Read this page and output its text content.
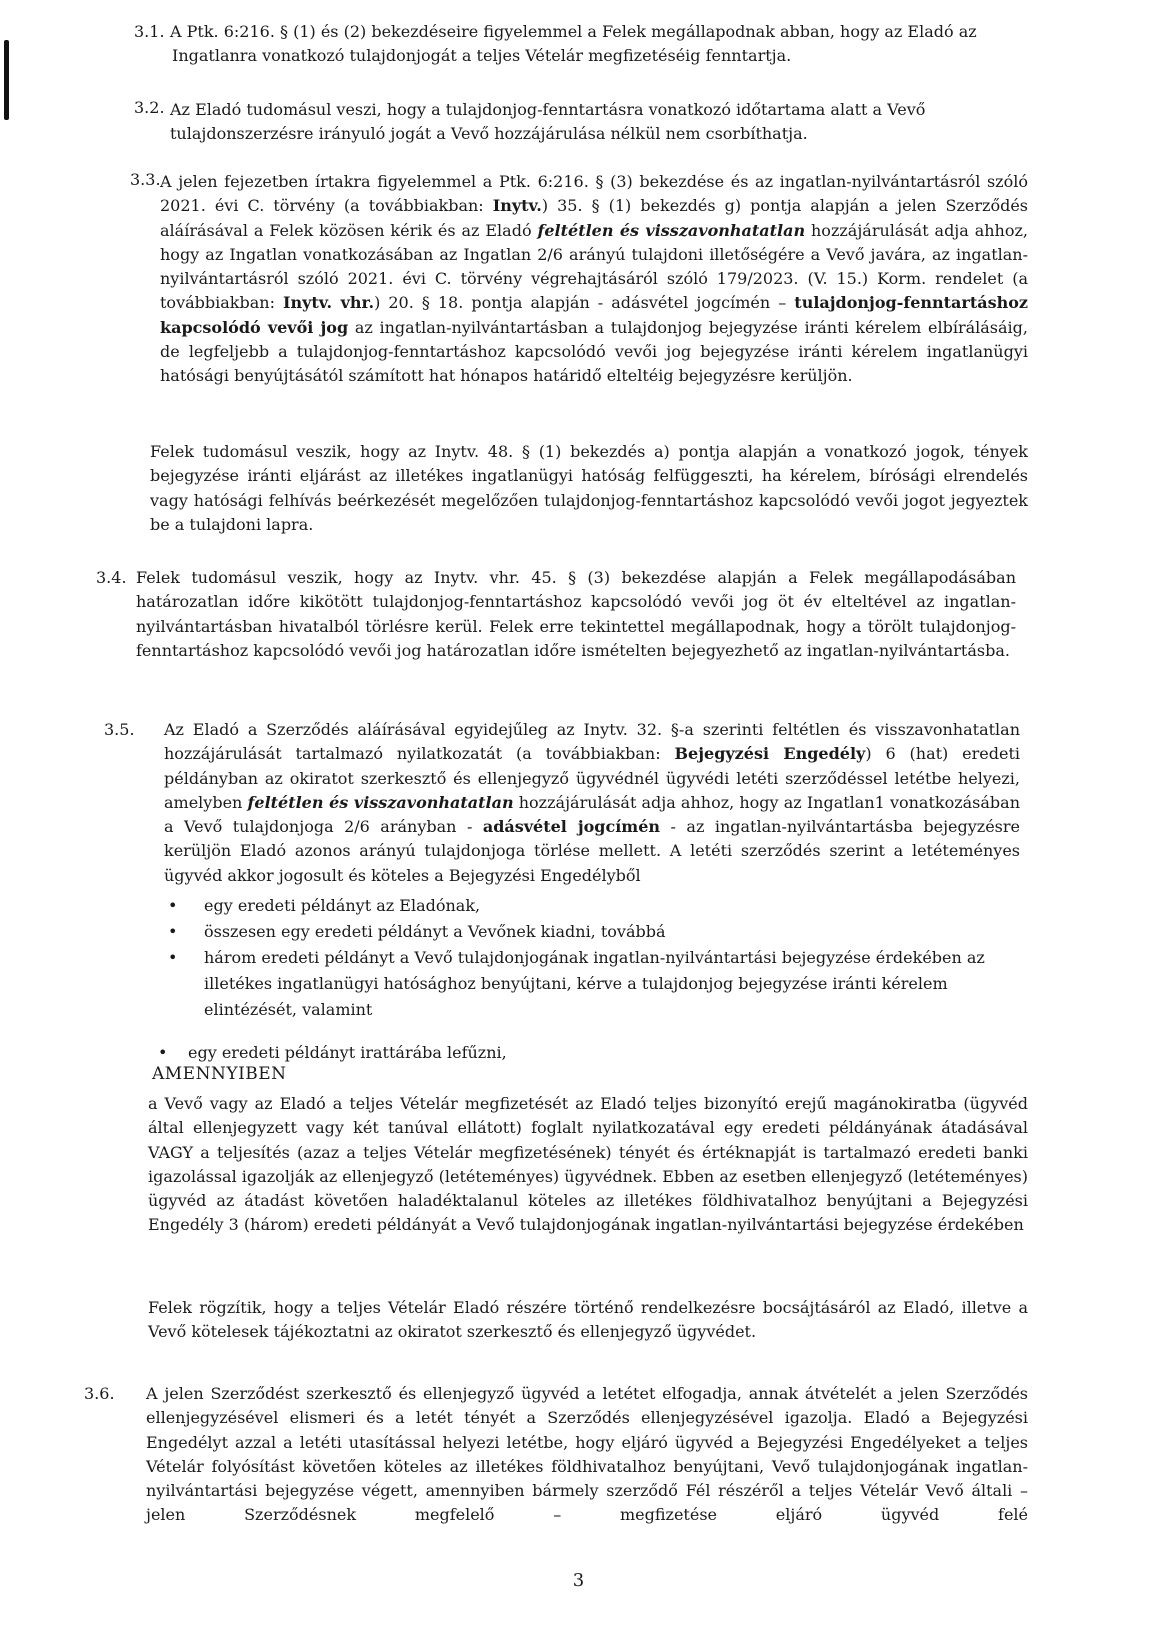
3.1. A Ptk. 6:216. § (1) és (2) bekezdéseire figyelemmel a Felek megállapodnak abban, hogy az Eladó az
Ingatlanra vonatkozó tulajdonjogát a teljes Vételár megfizetéséig fenntartja.
3.2. Az Eladó tudomásul veszi, hogy a tulajdonjog-fenntartásra vonatkozó időtartama alatt a Vevő
tulajdonszerzésre irányuló jogát a Vevő hozzájárulása nélkül nem csorbíthatja.
3.3. A jelen fejezetben írtakra figyelemmel a Ptk. 6:216. § (3) bekezdése és az ingatlan-nyilvántartásról szóló 2021. évi C. törvény (a továbbiakban: Inytv.) 35. § (1) bekezdés g) pontja alapján a jelen Szerződés aláírásával a Felek közösen kérik és az Eladó feltétlen és visszavonhatatlan hozzájárulását adja ahhoz, hogy az Ingatlan vonatkozásában az Ingatlan 2/6 arányú tulajdoni illetőségére a Vevő javára, az ingatlan-nyilvántartásról szóló 2021. évi C. törvény végrehajtásáról szóló 179/2023. (V. 15.) Korm. rendelet (a továbbiakban: Inytv. vhr.) 20. § 18. pontja alapján - adásvétel jogcímén – tulajdonjog-fenntartáshoz kapcsolódó vevői jog az ingatlan-nyilvántartásban a tulajdonjog bejegyzése iránti kérelem elbírálásáig, de legfeljebb a tulajdonjog-fenntartáshoz kapcsolódó vevői jog bejegyzése iránti kérelem ingatlanügyi hatósági benyújtásától számított hat hónapos határidő elteltéig bejegyzésre kerüljön.
Felek tudomásul veszik, hogy az Inytv. 48. § (1) bekezdés a) pontja alapján a vonatkozó jogok, tények bejegyzése iránti eljárást az illetékes ingatlanügyi hatóság felfüggeszti, ha kérelem, bírósági elrendelés vagy hatósági felhívás beérkezését megelőzően tulajdonjog-fenntartáshoz kapcsolódó vevői jogot jegyeztek be a tulajdoni lapra.
3.4. Felek tudomásul veszik, hogy az Inytv. vhr. 45. § (3) bekezdése alapján a Felek megállapodásában határozatlan időre kikötött tulajdonjog-fenntartáshoz kapcsolódó vevői jog öt év elteltével az ingatlan-nyilvántartásban hivatalból törlésre kerül. Felek erre tekintettel megállapodnak, hogy a törölt tulajdonjog-fenntartáshoz kapcsolódó vevői jog határozatlan időre ismételten bejegyezhető az ingatlan-nyilvántartásba.
3.5. Az Eladó a Szerződés aláírásával egyidejűleg az Inytv. 32. §-a szerinti feltétlen és visszavonhatatlan hozzájárulását tartalmazó nyilatkozatát (a továbbiakban: Bejegyzési Engedély) 6 (hat) eredeti példányban az okiratot szerkesztő és ellenjegyző ügyvédnél ügyvédi letéti szerződéssel letétbe helyezi, amelyben feltétlen és visszavonhatatlan hozzájárulását adja ahhoz, hogy az Ingatlan1 vonatkozásában a Vevő tulajdonjoga 2/6 arányban - adásvétel jogcímén - az ingatlan-nyilvántartásba bejegyzésre kerüljön Eladó azonos arányú tulajdonjoga törlése mellett. A letéti szerződés szerint a letéteményes ügyvéd akkor jogosult és köteles a Bejegyzési Engedélyből
• egy eredeti példányt az Eladónak,
• összesen egy eredeti példányt a Vevőnek kiadni, továbbá
• három eredeti példányt a Vevő tulajdonjogának ingatlan-nyilvántartási bejegyzése érdekében az illetékes ingatlanügyi hatósághoz benyújtani, kérve a tulajdonjog bejegyzése iránti kérelem elintézését, valamint
• egy eredeti példányt irattárába lefűzni,
AMENNYIBEN
a Vevő vagy az Eladó a teljes Vételár megfizetését az Eladó teljes bizonyító erejű magánokiratba (ügyvéd által ellenjegyzett vagy két tanúval ellátott) foglalt nyilatkozatával egy eredeti példányának átadásával VAGY a teljesítés (azaz a teljes Vételár megfizetésének) tényét és értéknapját is tartalmazó eredeti banki igazolással igazolják az ellenjegyző (letéteményes) ügyvédnek. Ebben az esetben ellenjegyző (letéteményes) ügyvéd az átadást követően haladéktalanul köteles az illetékes földhivatalhoz benyújtani a Bejegyzési Engedély 3 (három) eredeti példányát a Vevő tulajdonjogának ingatlan-nyilvántartási bejegyzése érdekében
Felek rögzítik, hogy a teljes Vételár Eladó részére történő rendelkezésre bocsájtásáról az Eladó, illetve a Vevő kötelesek tájékoztatni az okiratot szerkesztő és ellenjegyző ügyvédet.
3.6. A jelen Szerződést szerkesztő és ellenjegyző ügyvéd a letétet elfogadja, annak átvételét a jelen Szerződés ellenjegyzésével elismeri és a letét tényét a Szerződés ellenjegyzésével igazolja. Eladó a Bejegyzési Engedélyt azzal a letéti utasítással helyezi letétbe, hogy eljáró ügyvéd a Bejegyzési Engedélyeket a teljes Vételár folyósítást követően köteles az illetékes földhivatalhoz benyújtani, Vevő tulajdonjogának ingatlan-nyilvántartási bejegyzése végett, amennyiben bármely szerződő Fél részéről a teljes Vételár Vevő általi – jelen Szerződésnek megfelelő – megfizetése eljáró ügyvéd felé
3
